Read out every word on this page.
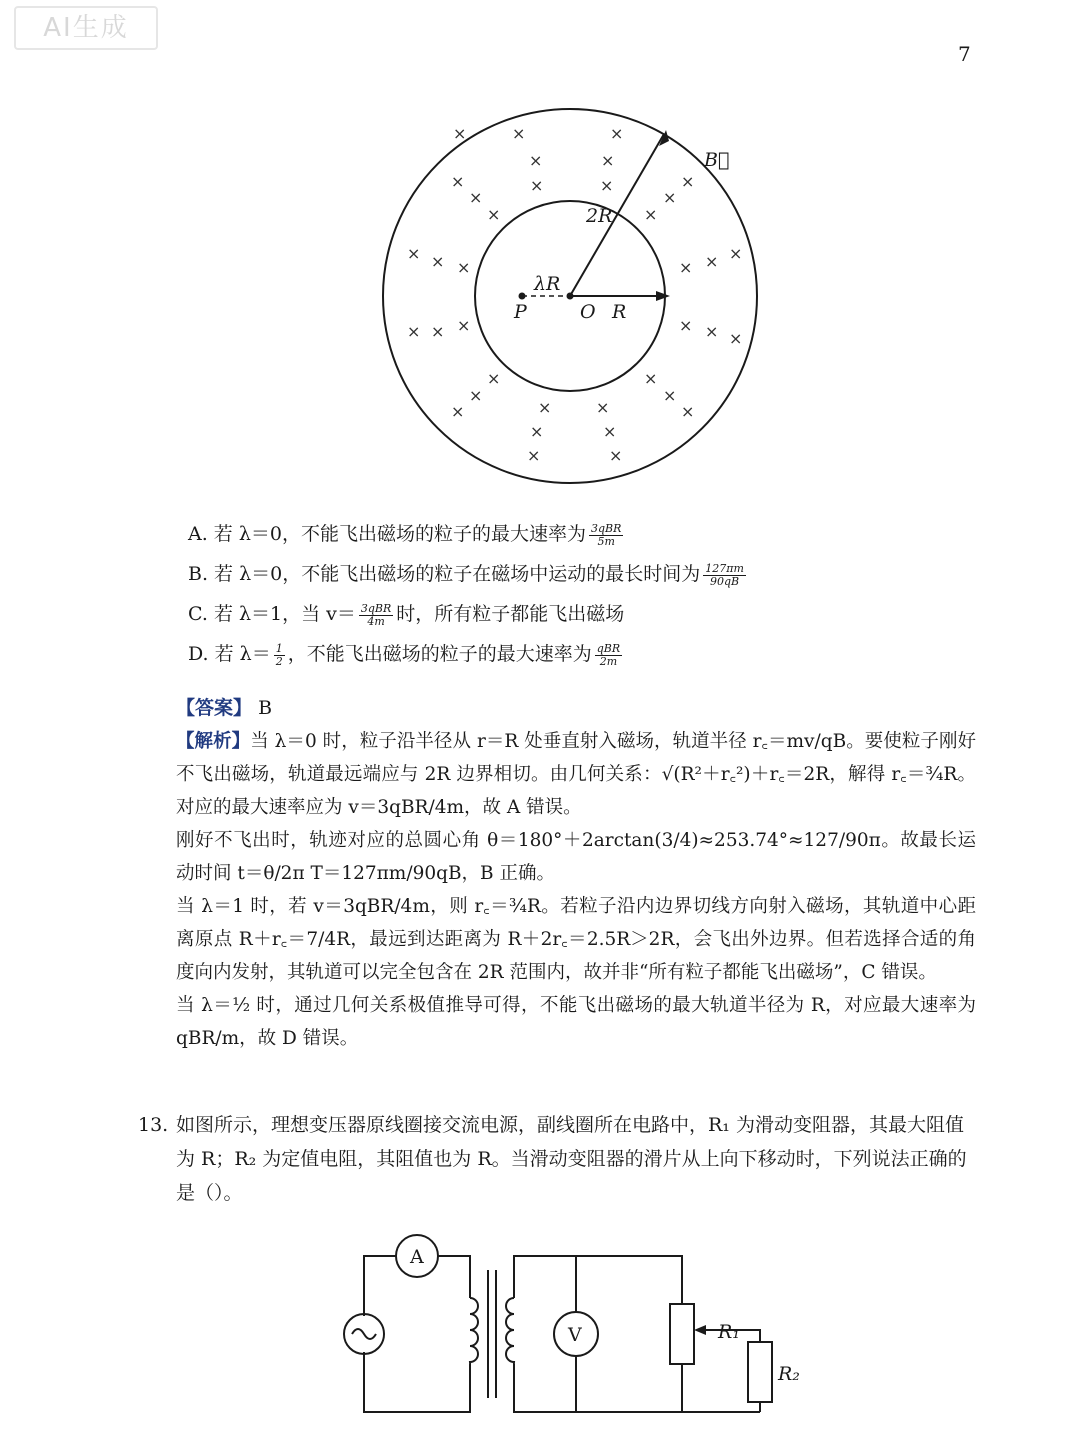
AI生成
7
B⃗
2R
λR
P	O R
×	×
×	×
×
×
×
×
×
×	×
×
×
× × ×	× × ×
× × ×	× × ×
×
×
×
×
×
×
×	×
×	×
×	×
A. 若 λ＝0，不能飞出磁场的粒子的最大速率为 $\frac{\text{3qBR}}{5m}$
B. 若 λ＝0，不能飞出磁场的粒子在磁场中运动的最长时间为 $\frac{127\pi m}{90qB}$
C. 若 λ＝1，当 $v= \frac{\text{3qBR}}{4m}$ 时，所有粒子都能飞出磁场
D. 若 $\lambda= \frac{1}{2}$ ，不能飞出磁场的粒子的最大速率为 $\frac{\text{qBR}}{2m}$
【答案】 B

【解析】当 λ＝0 时，粒子沿半径从 r＝R 处垂直射入磁场，轨道半径 r꜀＝mv/qB。要使粒子刚好不飞出磁场，轨道最远端应与 2R 边界相切。由几何关系：√(R²＋r꜀²)＋r꜀＝2R，解得 r꜀＝¾R。对应的最大速率应为 v＝3qBR/4m，故 A 错误。

刚好不飞出时，轨迹对应的总圆心角 θ＝180°＋2arctan(3/4)≈253.74°≈127/90π。故最长运动时间 t＝θ/2π T＝127πm/90qB，B 正确。

当 λ＝1 时，若 v＝3qBR/4m，则 r꜀＝¾R。若粒子沿内边界切线方向射入磁场，其轨道中心距离原点 R＋r꜀＝7/4R，最远到达距离为 R＋2r꜀＝2.5R＞2R，会飞出外边界。但若选择合适的角度向内发射，其轨道可以完全包含在 2R 范围内，故并非“所有粒子都能飞出磁场”，C 错误。

当 λ＝½ 时，通过几何关系极值推导可得，不能飞出磁场的最大轨道半径为 R，对应最大速率为 qBR/m，故 D 错误。

13. 如图所示，理想变压器原线圈接交流电源，副线圈所在电路中，R₁ 为滑动变阻器，其最大阻值为 R；R₂ 为定值电阻，其阻值也为 R。当滑动变阻器的滑片从上向下移动时，下列说法正确的是（）。
A
V	R₁
R₂
